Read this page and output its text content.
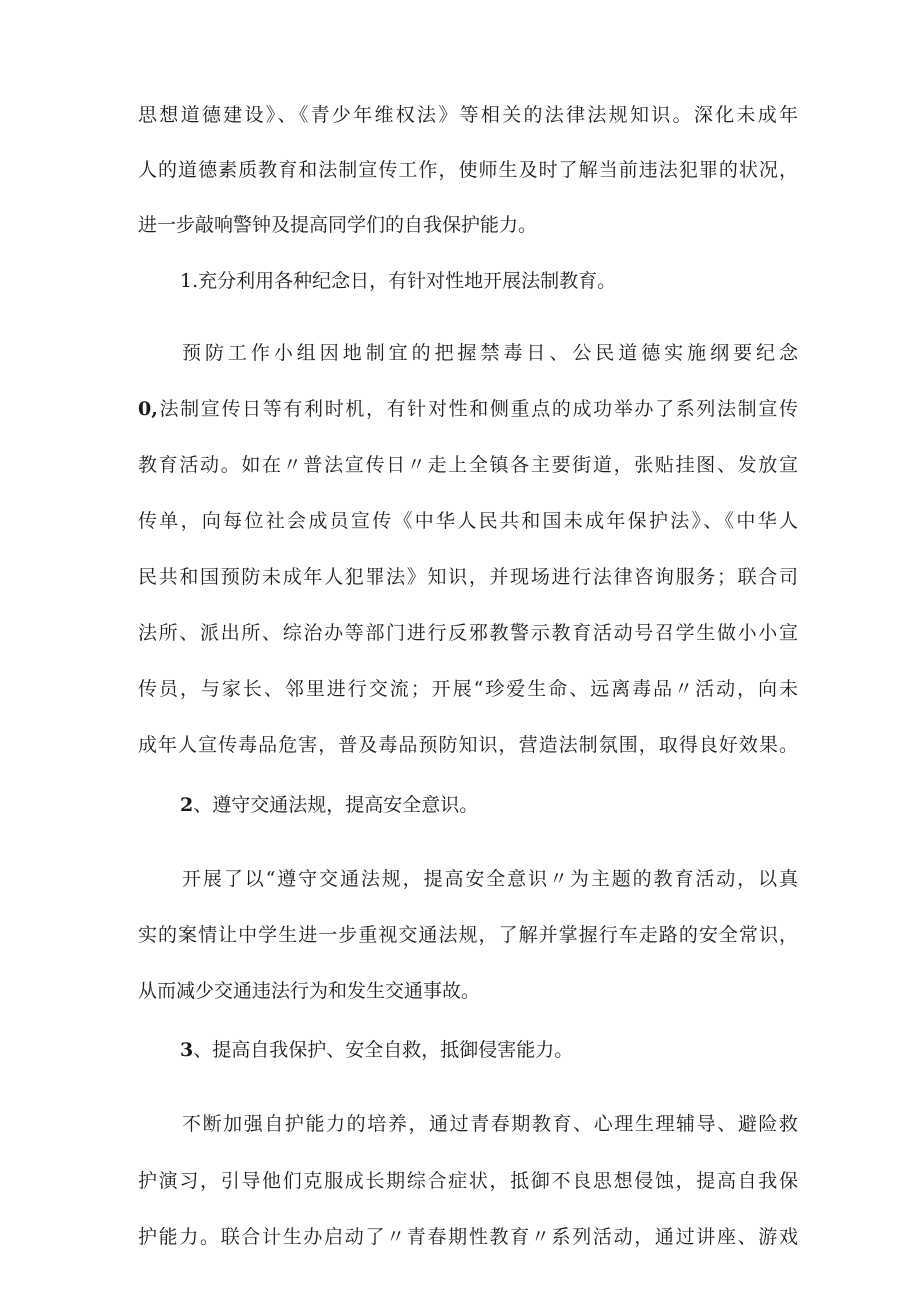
思想道德建设》、《青少年维权法》等相关的法律法规知识。深化未成年
人的道德素质教育和法制宣传工作，使师生及时了解当前违法犯罪的状况，
进一步敲响警钟及提高同学们的自我保护能力。
1.充分利用各种纪念日，有针对性地开展法制教育。
预防工作小组因地制宜的把握禁毒日、公民道德实施纲要纪念
0,法制宣传日等有利时机，有针对性和侧重点的成功举办了系列法制宣传
教育活动。如在〃普法宣传日〃走上全镇各主要街道，张贴挂图、发放宣
传单，向每位社会成员宣传《中华人民共和国未成年保护法》、《中华人
民共和国预防未成年人犯罪法》知识，并现场进行法律咨询服务；联合司
法所、派出所、综治办等部门进行反邪教警示教育活动号召学生做小小宣
传员，与家长、邻里进行交流；开展“珍爱生命、远离毒品〃活动，向未
成年人宣传毒品危害，普及毒品预防知识，营造法制氛围，取得良好效果。
2、遵守交通法规，提高安全意识。
开展了以“遵守交通法规，提高安全意识〃为主题的教育活动，以真
实的案情让中学生进一步重视交通法规，了解并掌握行车走路的安全常识，
从而减少交通违法行为和发生交通事故。
3、提高自我保护、安全自救，抵御侵害能力。
不断加强自护能力的培养，通过青春期教育、心理生理辅导、避险救
护演习，引导他们克服成长期综合症状，抵御不良思想侵蚀，提高自我保
护能力。联合计生办启动了〃青春期性教育〃系列活动，通过讲座、游戏
